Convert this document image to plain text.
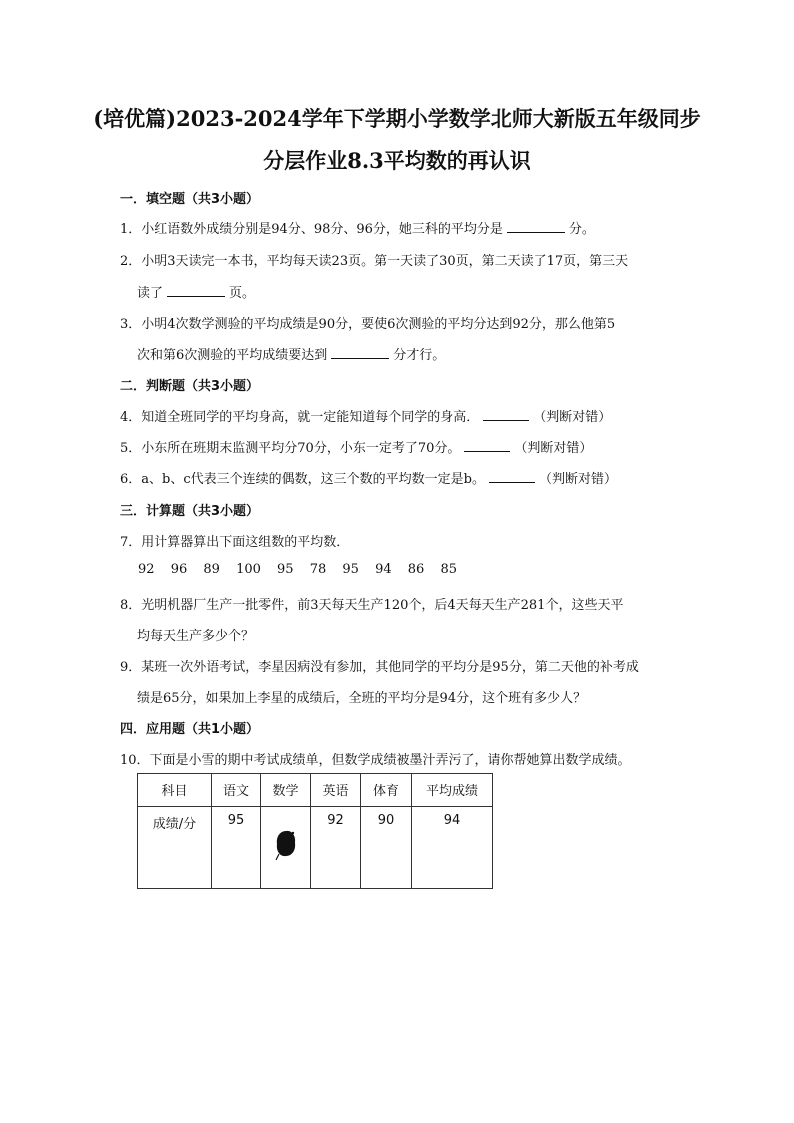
(培优篇)2023-2024学年下学期小学数学北师大新版五年级同步
分层作业8.3平均数的再认识
一．填空题（共3小题）
1．小红语数外成绩分别是94分、98分、96分，她三科的平均分是	分。
2．小明3天读完一本书，平均每天读23页。第一天读了30页，第二天读了17页，第三天
读了	页。
3．小明4次数学测验的平均成绩是90分，要使6次测验的平均分达到92分，那么他第5
次和第6次测验的平均成绩要达到	分才行。
二．判断题（共3小题）
4．知道全班同学的平均身高，就一定能知道每个同学的身高．	（判断对错）
5．小东所在班期末监测平均分70分，小东一定考了70分。	（判断对错）
6．a、b、c代表三个连续的偶数，这三个数的平均数一定是b。	（判断对错）
三．计算题（共3小题）
7．用计算器算出下面这组数的平均数．
92 96 89 100 95 78 95 94 86 85
8．光明机器厂生产一批零件，前3天每天生产120个，后4天每天生产281个，这些天平
均每天生产多少个？
9．某班一次外语考试，李星因病没有参加，其他同学的平均分是95分，第二天他的补考成
绩是65分，如果加上李星的成绩后，全班的平均分是94分，这个班有多少人？
四．应用题（共1小题）
10．下面是小雪的期中考试成绩单，但数学成绩被墨汁弄污了，请你帮她算出数学成绩。
科目	语文	数学	英语	体育	平均成绩
成绩/分	95		92	90	94
